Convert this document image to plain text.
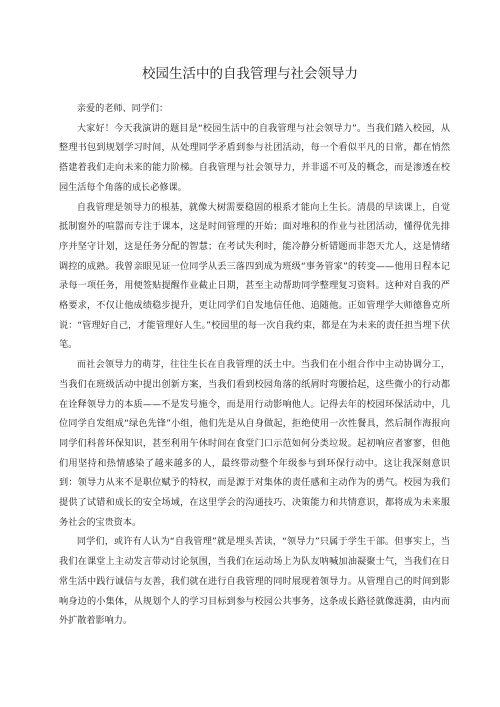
校园生活中的自我管理与社会领导力

亲爱的老师、同学们：

大家好！今天我演讲的题目是“校园生活中的自我管理与社会领导力”。当我们踏入校园，从整理书包到规划学习时间，从处理同学矛盾到参与社团活动，每一个看似平凡的日常，都在悄然搭建着我们走向未来的能力阶梯。自我管理与社会领导力，并非遥不可及的概念，而是渗透在校园生活每个角落的成长必修课。

自我管理是领导力的根基，就像大树需要稳固的根系才能向上生长。清晨的早读课上，自觉抵制窗外的喧嚣而专注于课本，这是时间管理的开始；面对堆积的作业与社团活动，懂得优先排序并坚守计划，这是任务分配的智慧；在考试失利时，能冷静分析错题而非怨天尤人，这是情绪调控的成熟。我曾亲眼见证一位同学从丢三落四到成为班级“事务管家”的转变——他用日程本记录每一项任务，用便签贴提醒作业截止日期，甚至主动帮助同学整理复习资料。这种对自我的严格要求，不仅让他成绩稳步提升，更让同学们自发地信任他、追随他。正如管理学大师德鲁克所说：“管理好自己，才能管理好人生。”校园里的每一次自我约束，都是在为未来的责任担当埋下伏笔。

而社会领导力的萌芽，往往生长在自我管理的沃土中。当我们在小组合作中主动协调分工，当我们在班级活动中提出创新方案，当我们看到校园角落的纸屑时弯腰拾起，这些微小的行动都在诠释领导力的本质——不是发号施令，而是用行动影响他人。记得去年的校园环保活动中，几位同学自发组成“绿色先锋”小组，他们先是从自身做起，拒绝使用一次性餐具，然后制作海报向同学们科普环保知识，甚至利用午休时间在食堂门口示范如何分类垃圾。起初响应者寥寥，但他们用坚持和热情感染了越来越多的人，最终带动整个年级参与到环保行动中。这让我深刻意识到：领导力从来不是职位赋予的特权，而是源于对集体的责任感和主动作为的勇气。校园为我们提供了试错和成长的安全场域，在这里学会的沟通技巧、决策能力和共情意识，都将成为未来服务社会的宝贵资本。

同学们，或许有人认为“自我管理”就是埋头苦读，“领导力”只属于学生干部。但事实上，当我们在课堂上主动发言带动讨论氛围，当我们在运动场上为队友呐喊加油凝聚士气，当我们在日常生活中践行诚信与友善，我们就在进行自我管理的同时展现着领导力。从管理自己的时间到影响身边的小集体，从规划个人的学习目标到参与校园公共事务，这条成长路径就像涟漪，由内而外扩散着影响力。
